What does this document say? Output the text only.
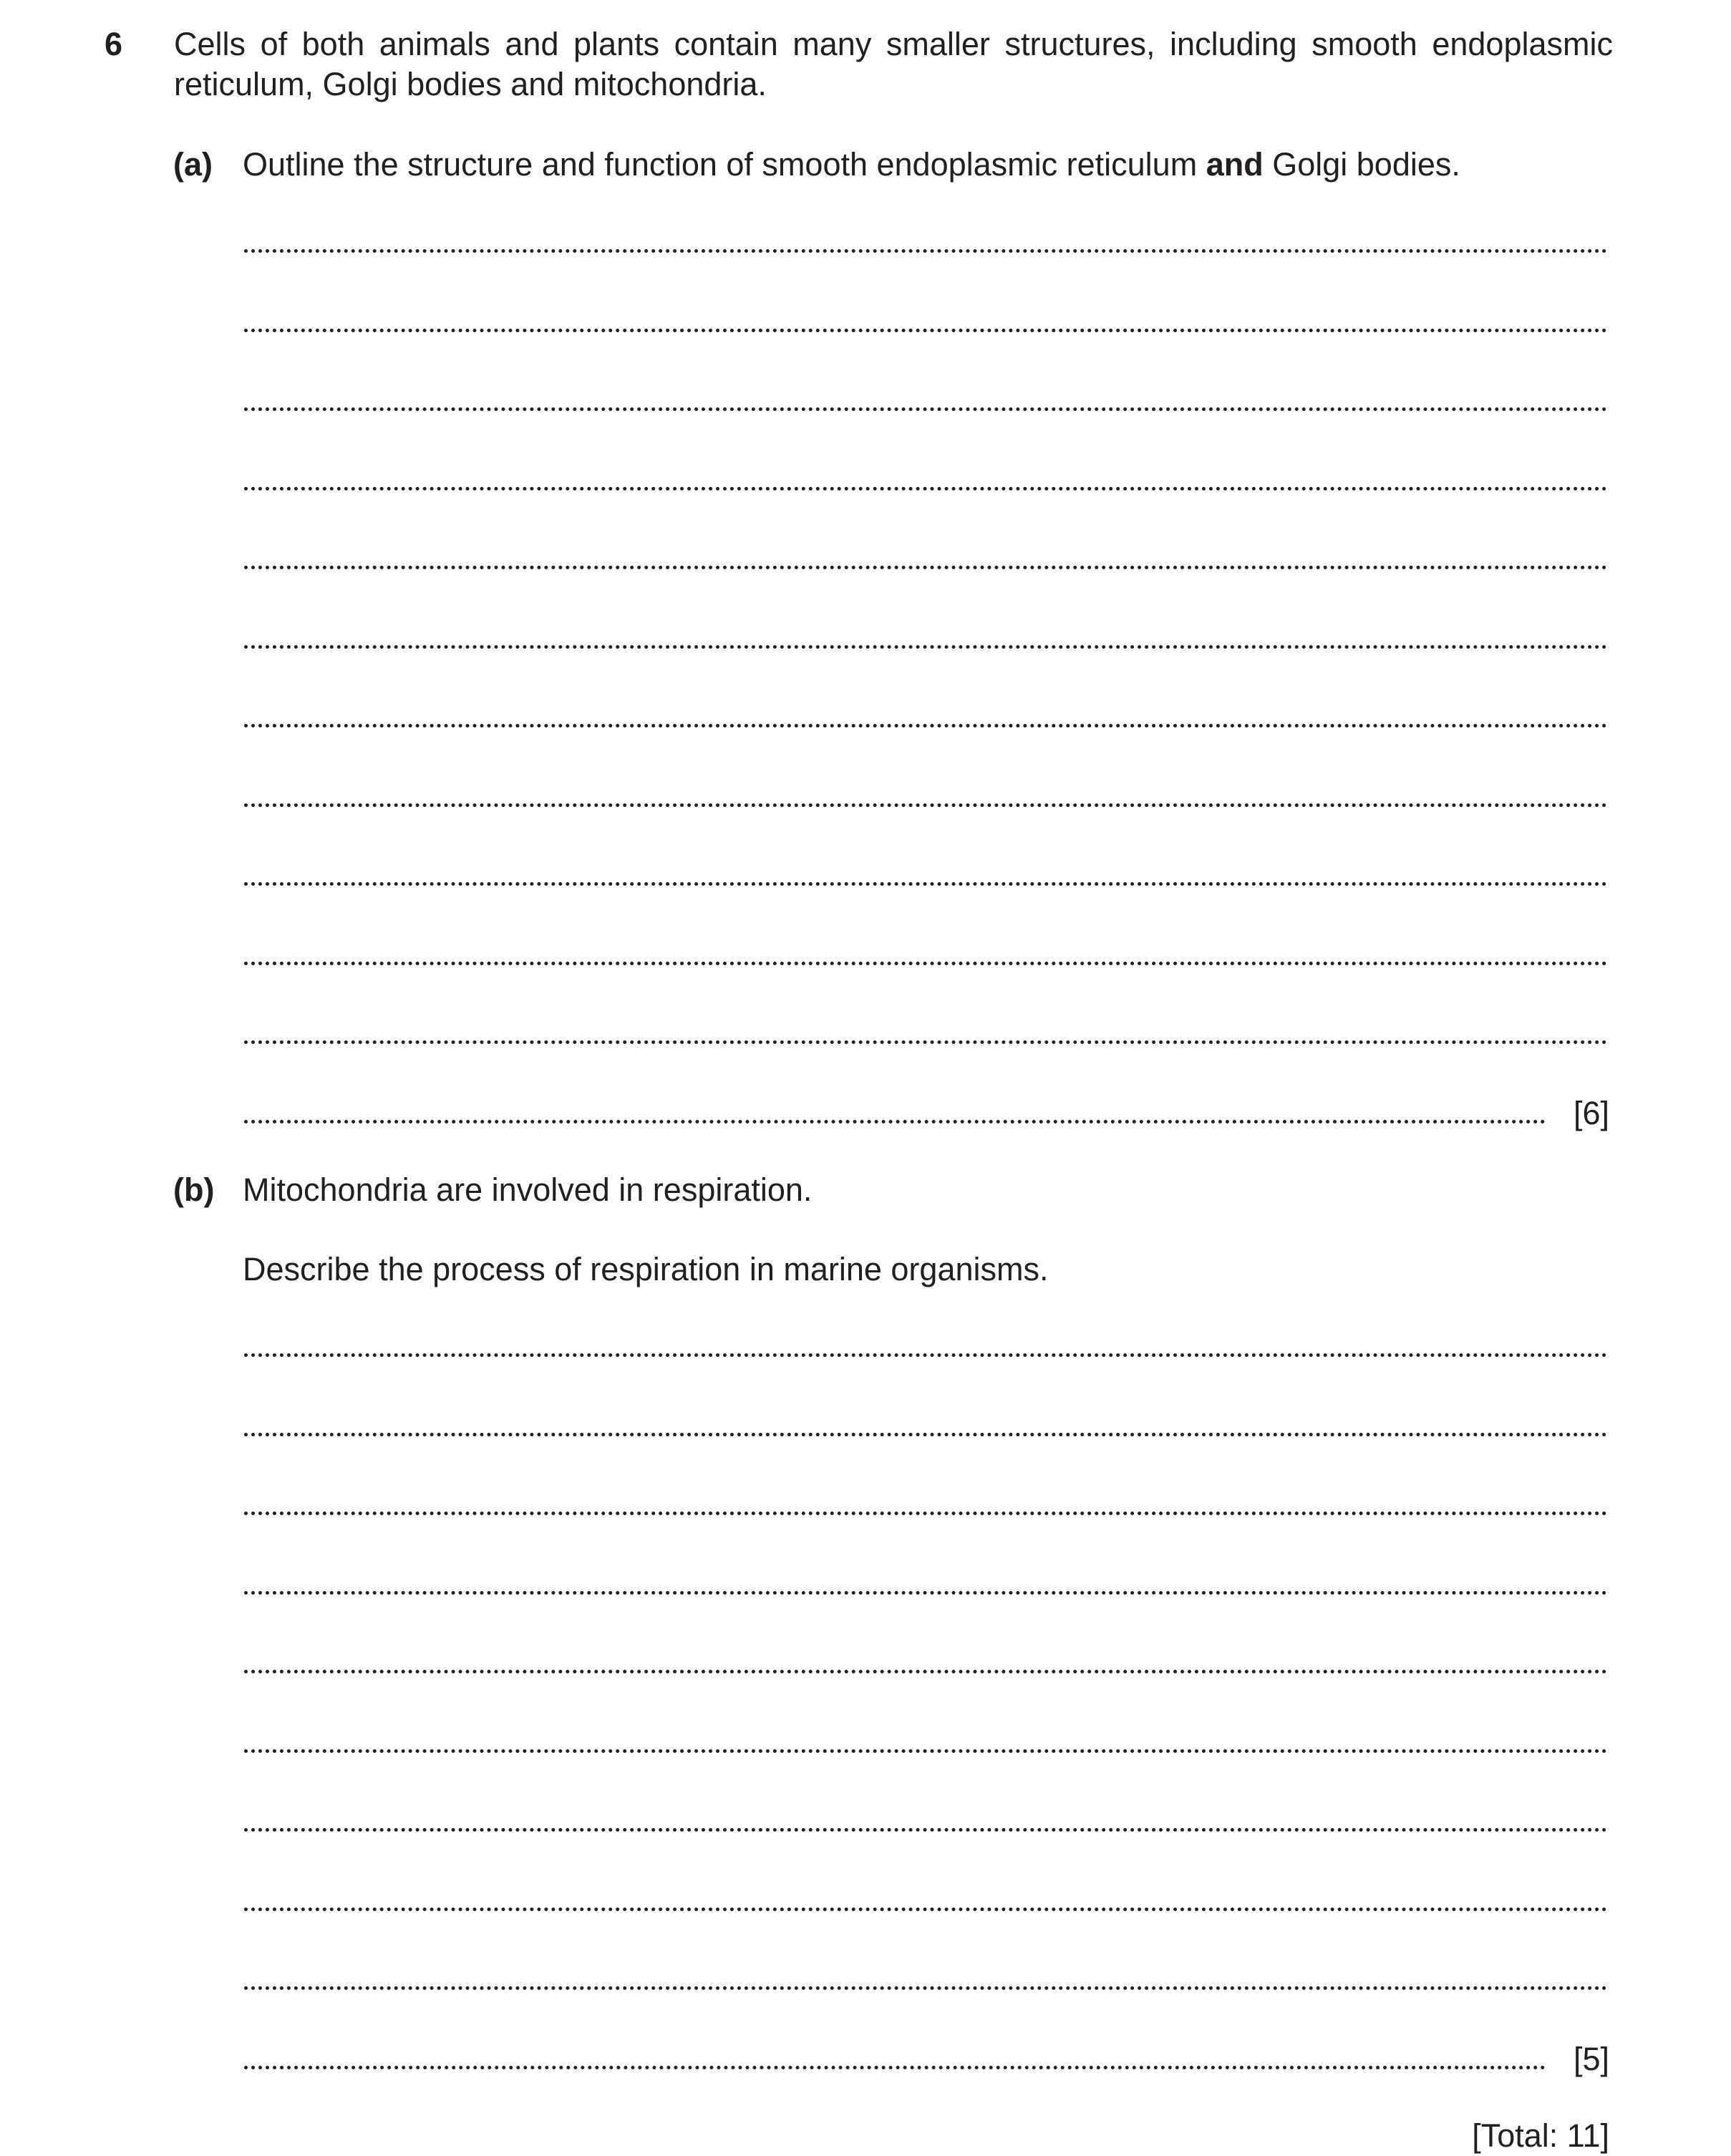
6 Cells of both animals and plants contain many smaller structures, including smooth endoplasmic reticulum, Golgi bodies and mitochondria.
(a) Outline the structure and function of smooth endoplasmic reticulum and Golgi bodies.
[6]
(b) Mitochondria are involved in respiration.
Describe the process of respiration in marine organisms.
[5]
[Total: 11]
